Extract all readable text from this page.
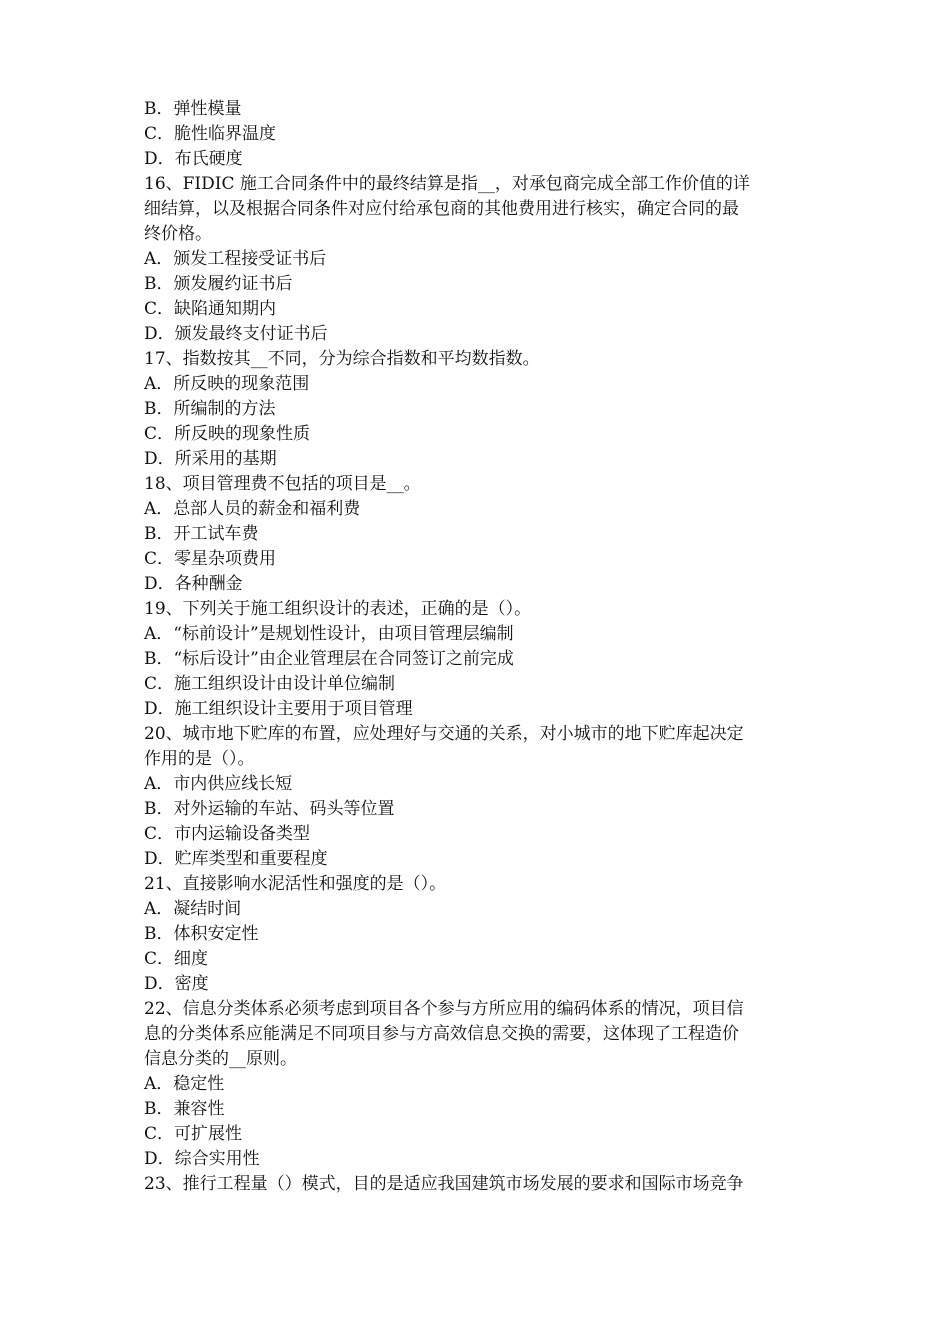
B．弹性模量
C．脆性临界温度
D．布氏硬度
16、FIDIC 施工合同条件中的最终结算是指__，对承包商完成全部工作价值的详
细结算，以及根据合同条件对应付给承包商的其他费用进行核实，确定合同的最
终价格。
A．颁发工程接受证书后
B．颁发履约证书后
C．缺陷通知期内
D．颁发最终支付证书后
17、指数按其__不同，分为综合指数和平均数指数。
A．所反映的现象范围
B．所编制的方法
C．所反映的现象性质
D．所采用的基期
18、项目管理费不包括的项目是__。
A．总部人员的薪金和福利费
B．开工试车费
C．零星杂项费用
D．各种酬金
19、下列关于施工组织设计的表述，正确的是（）。
A．“标前设计”是规划性设计，由项目管理层编制
B．“标后设计”由企业管理层在合同签订之前完成
C．施工组织设计由设计单位编制
D．施工组织设计主要用于项目管理
20、城市地下贮库的布置，应处理好与交通的关系，对小城市的地下贮库起决定
作用的是（）。
A．市内供应线长短
B．对外运输的车站、码头等位置
C．市内运输设备类型
D．贮库类型和重要程度
21、直接影响水泥活性和强度的是（）。
A．凝结时间
B．体积安定性
C．细度
D．密度
22、信息分类体系必须考虑到项目各个参与方所应用的编码体系的情况，项目信
息的分类体系应能满足不同项目参与方高效信息交换的需要，这体现了工程造价
信息分类的__原则。
A．稳定性
B．兼容性
C．可扩展性
D．综合实用性
23、推行工程量（）模式，目的是适应我国建筑市场发展的要求和国际市场竞争
